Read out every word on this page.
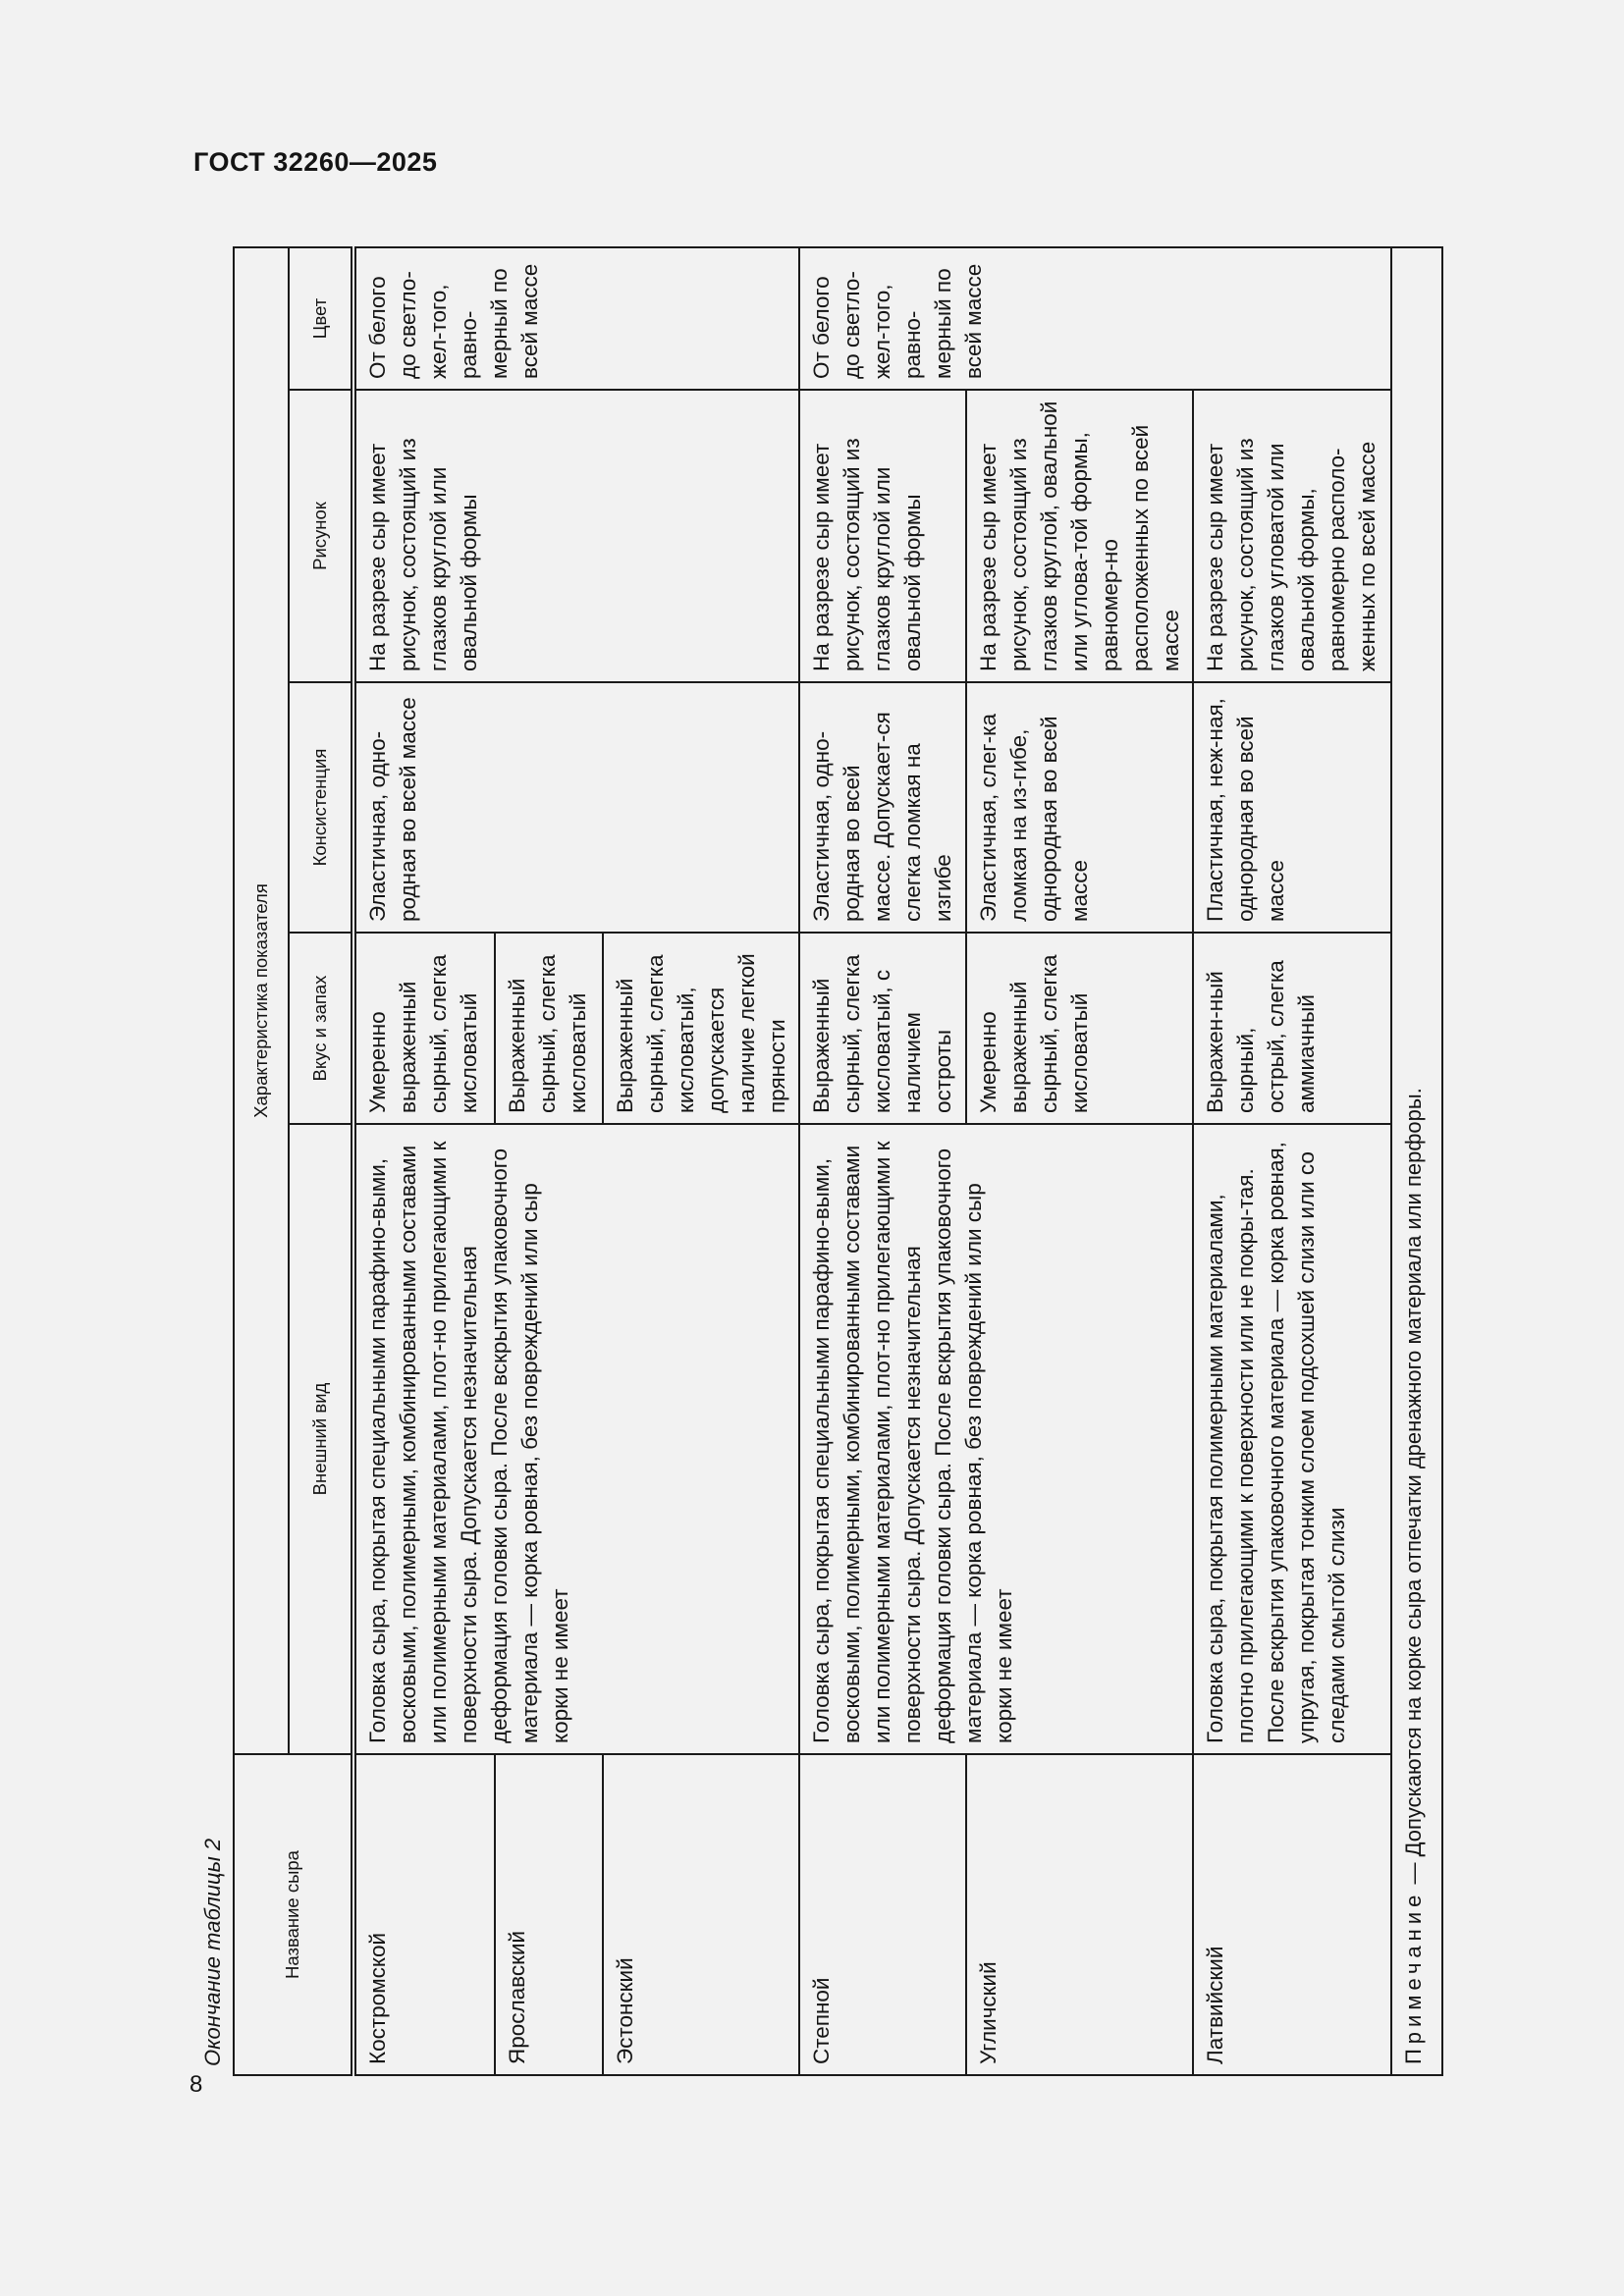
ГОСТ 32260—2025
8
Окончание таблицы 2	Название сыра	Характеристика показателя				
	Внешний вид	Вкус и запах	Консистенция	Рисунок	Цвет
Костромской	Головка сыра, покрытая специальными парафино-выми, восковыми, полимерными, комбинированными составами или полимерными материалами, плот-но прилегающими к поверхности сыра. Допускается незначительная деформация головки сыра. После вскрытия упаковочного материала — корка ровная, без повреждений или сыр корки не имеет	Умеренно выраженный сырный, слегка кисловатый	Эластичная, одно-родная во всей массе	На разрезе сыр имеет рисунок, состоящий из глазков круглой или овальной формы	От белого до светло-жел-того, равно-мерный по всей массе
Ярославский		Выраженный сырный, слегка кисловатый			
Эстонский		Выраженный сырный, слегка кисловатый, допускается наличие легкой пряности			
Степной	Головка сыра, покрытая специальными парафино-выми, восковыми, полимерными, комбинированными составами или полимерными материалами, плот-но прилегающими к поверхности сыра. Допускается незначительная деформация головки сыра. После вскрытия упаковочного материала — корка ровная, без повреждений или сыр корки не имеет	Выраженный сырный, слегка кисловатый, с наличием остроты	Эластичная, одно-родная во всей массе. Допускает-ся слегка ломкая на изгибе	На разрезе сыр имеет рисунок, состоящий из глазков круглой или овальной формы	От белого до светло-жел-того, равно-мерный по всей массе
Угличский		Умеренно выраженный сырный, слегка кисловатый	Эластичная, слег-ка ломкая на из-гибе, однородная во всей массе	На разрезе сыр имеет рисунок, состоящий из глазков круглой, овальной или углова-той формы, равномер-но расположенных по всей массе	
Латвийский	Головка сыра, покрытая полимерными материалами, плотно прилегающими к поверхности или не покры-тая. После вскрытия упаковочного материала — корка ровная, упругая, покрытая тонким слоем подсохшей слизи или со следами смытой слизи	Выражен-ный сырный, острый, слегка аммиачный	Пластичная, неж-ная, однородная во всей массе	На разрезе сыр имеет рисунок, состоящий из глазков угловатой или овальной формы, равномерно располо-женных по всей массе	
Примечание — Допускаются на корке сыра отпечатки дренажного материала или перфоры.					
